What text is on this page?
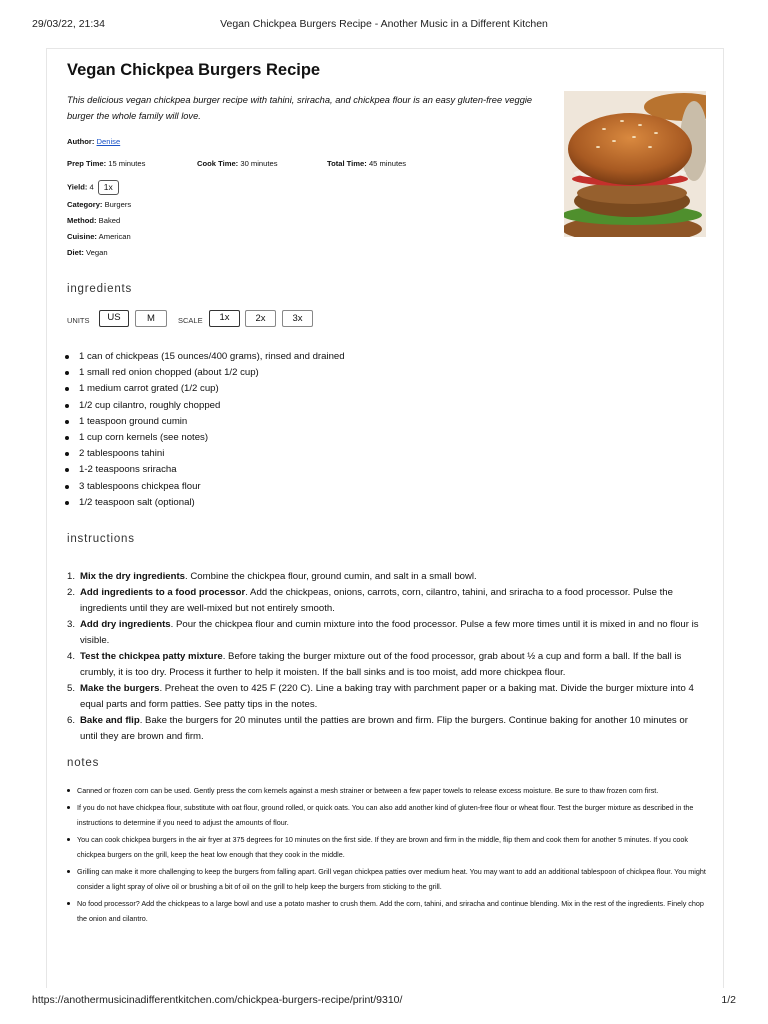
29/03/22, 21:34	Vegan Chickpea Burgers Recipe - Another Music in a Different Kitchen
Vegan Chickpea Burgers Recipe

This delicious vegan chickpea burger recipe with tahini, sriracha, and chickpea flour is an easy gluten-free veggie burger the whole family will love.

Author: Denise
Prep Time: 15 minutes	Cook Time: 30 minutes	Total Time: 45 minutes
Yield: 4 1x
Category: Burgers
Method: Baked
Cuisine: American
Diet: Vegan
ingredients
UNITS	US	M	SCALE	1x	2x	3x
1 can of chickpeas (15 ounces/400 grams), rinsed and drained
1 small red onion chopped (about 1/2 cup)
1 medium carrot grated (1/2 cup)
1/2 cup cilantro, roughly chopped
1 teaspoon ground cumin
1 cup corn kernels (see notes)
2 tablespoons tahini
1-2 teaspoons sriracha
3 tablespoons chickpea flour
1/2 teaspoon salt (optional)
instructions
1. Mix the dry ingredients. Combine the chickpea flour, ground cumin, and salt in a small bowl.
2. Add ingredients to a food processor. Add the chickpeas, onions, carrots, corn, cilantro, tahini, and sriracha to a food processor. Pulse the ingredients until they are well-mixed but not entirely smooth.
3. Add dry ingredients. Pour the chickpea flour and cumin mixture into the food processor. Pulse a few more times until it is mixed in and no flour is visible.
4. Test the chickpea patty mixture. Before taking the burger mixture out of the food processor, grab about ½ a cup and form a ball. If the ball is crumbly, it is too dry. Process it further to help it moisten. If the ball sinks and is too moist, add more chickpea flour.
5. Make the burgers. Preheat the oven to 425 F (220 C). Line a baking tray with parchment paper or a baking mat. Divide the burger mixture into 4 equal parts and form patties. See patty tips in the notes.
6. Bake and flip. Bake the burgers for 20 minutes until the patties are brown and firm. Flip the burgers. Continue baking for another 10 minutes or until they are brown and firm.
notes
Canned or frozen corn can be used. Gently press the corn kernels against a mesh strainer or between a few paper towels to release excess moisture. Be sure to thaw frozen corn first.
If you do not have chickpea flour, substitute with oat flour, ground rolled, or quick oats. You can also add another kind of gluten-free flour or wheat flour. Test the burger mixture as described in the instructions to determine if you need to adjust the amounts of flour.
You can cook chickpea burgers in the air fryer at 375 degrees for 10 minutes on the first side. If they are brown and firm in the middle, flip them and cook them for another 5 minutes. If you cook chickpea burgers on the grill, keep the heat low enough that they cook in the middle.
Grilling can make it more challenging to keep the burgers from falling apart. Grill vegan chickpea patties over medium heat. You may want to add an additional tablespoon of chickpea flour. You might consider a light spray of olive oil or brushing a bit of oil on the grill to help keep the burgers from sticking to the grill.
No food processor? Add the chickpeas to a large bowl and use a potato masher to crush them. Add the corn, tahini, and sriracha and continue blending. Mix in the rest of the ingredients. Finely chop the onion and cilantro.
https://anothermusicinadifferentkitchen.com/chickpea-burgers-recipe/print/9310/	1/2
